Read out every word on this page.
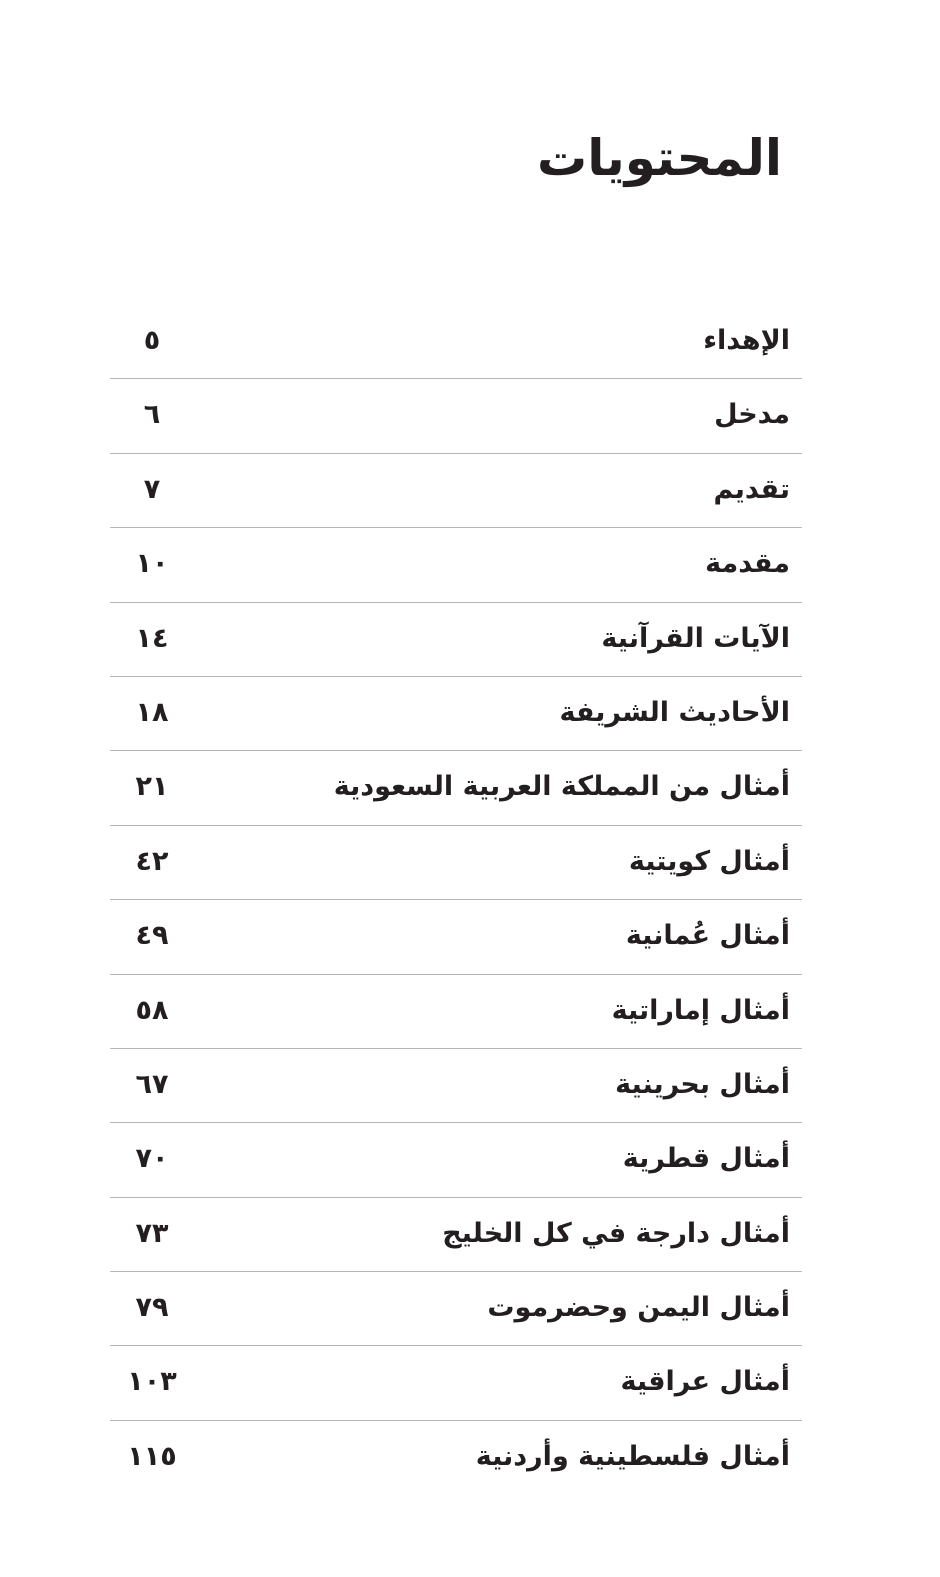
المحتويات
الإهداء
٥
مدخل
٦
تقديم
٧
مقدمة
١٠
الآيات القرآنية
١٤
الأحاديث الشريفة
١٨
أمثال من المملكة العربية السعودية
٢١
أمثال كويتية
٤٢
أمثال عُمانية
٤٩
أمثال إماراتية
٥٨
أمثال بحرينية
٦٧
أمثال قطرية
٧٠
أمثال دارجة في كل الخليج
٧٣
أمثال اليمن وحضرموت
٧٩
أمثال عراقية
١٠٣
أمثال فلسطينية وأردنية
١١٥
